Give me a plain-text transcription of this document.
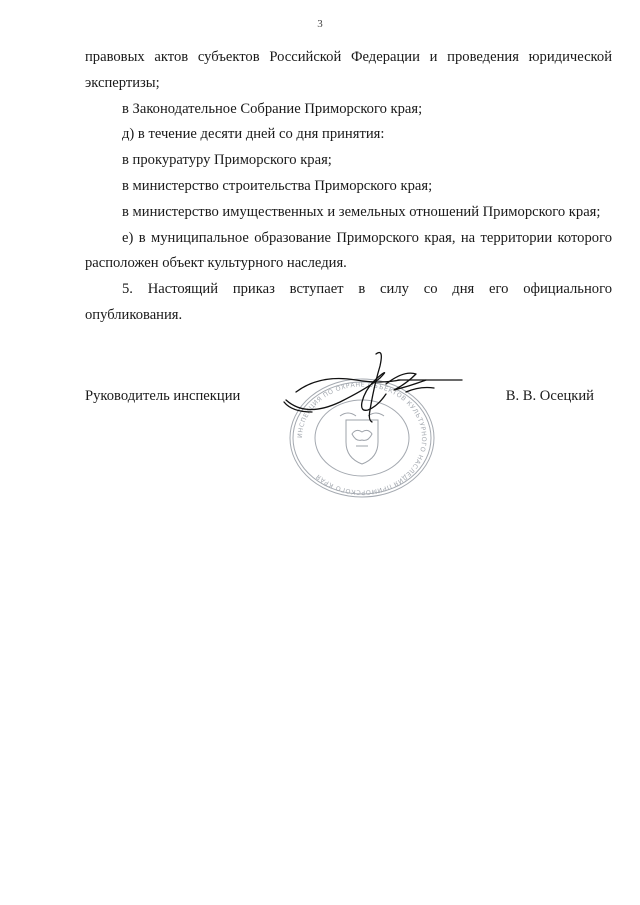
3

правовых актов субъектов Российской Федерации и проведения юридической экспертизы;

в Законодательное Собрание Приморского края;

д) в течение десяти дней со дня принятия:

в прокуратуру Приморского края;

в министерство строительства Приморского края;

в министерство имущественных и земельных отношений Приморского края;

е) в муниципальное образование Приморского края, на территории которого расположен объект культурного наследия.

5. Настоящий приказ вступает в силу со дня его официального опубликования.

ИНСПЕКЦИЯ ПО ОХРАНЕ ОБЪЕКТОВ КУЛЬТУРНОГО НАСЛЕДИЯ ПРИМОРСКОГО КРАЯ
Руководитель инспекции	В. В. Осецкий
